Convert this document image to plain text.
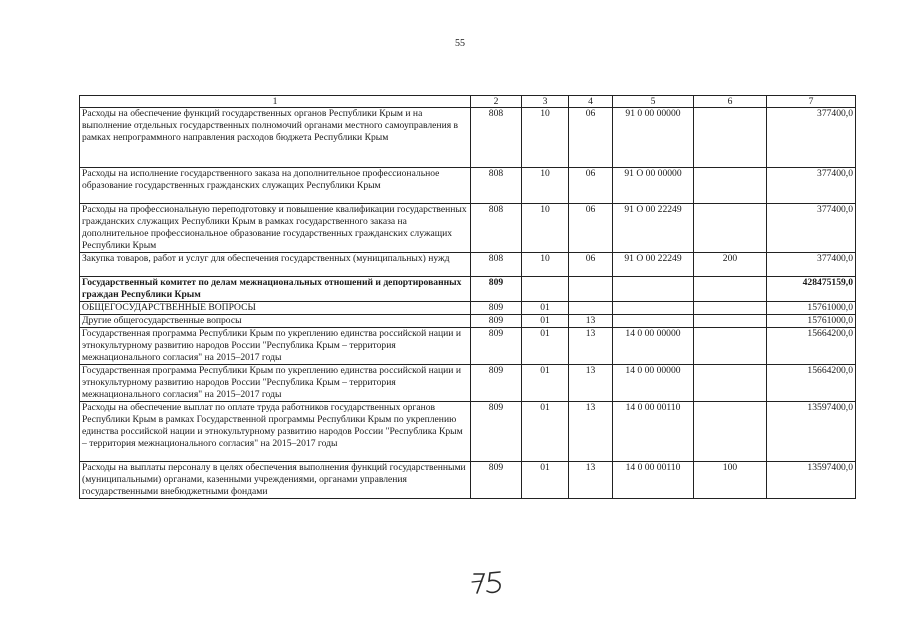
55
1	2	3	4	5	6	7
Расходы на обеспечение функций государственных органов Республики Крым и на выполнение отдельных государственных полномочий органами местного самоуправления в рамках непрограммного направления расходов бюджета Республики Крым	808	10	06	91 0 00 00000		377400,0
Расходы на исполнение государственного заказа на дополнительное профессиональное образование государственных гражданских служащих Республики Крым	808	10	06	91 О 00 00000		377400,0
Расходы на профессиональную переподготовку и повышение квалификации государственных гражданских служащих Республики Крым в рамках государственного заказа на дополнительное профессиональное образование государственных гражданских служащих Республики Крым	808	10	06	91 О 00 22249		377400,0
Закупка товаров, работ и услуг для обеспечения государственных (муниципальных) нужд	808	10	06	91 О 00 22249	200	377400,0
Государственный комитет по делам межнациональных отношений и депортированных граждан Республики Крым	809					428475159,0
ОБЩЕГОСУДАРСТВЕННЫЕ ВОПРОСЫ	809	01				15761000,0
Другие общегосударственные вопросы	809	01	13			15761000,0
Государственная программа Республики Крым по укреплению единства российской нации и этнокультурному развитию народов России "Республика Крым – территория межнационального согласия" на 2015–2017 годы	809	01	13	14 0 00 00000		15664200,0
Государственная программа Республики Крым по укреплению единства российской нации и этнокультурному развитию народов России "Республика Крым – территория межнационального согласия" на 2015–2017 годы	809	01	13	14 0 00 00000		15664200,0
Расходы на обеспечение выплат по оплате труда работников государственных органов Республики Крым в рамках Государственной программы Республики Крым по укреплению единства российской нации и этнокультурному развитию народов России "Республика Крым – территория межнационального согласия" на 2015–2017 годы	809	01	13	14 0 00 00110		13597400,0
Расходы на выплаты персоналу в целях обеспечения выполнения функций государственными (муниципальными) органами, казенными учреждениями, органами управления государственными внебюджетными фондами	809	01	13	14 0 00 00110	100	13597400,0
